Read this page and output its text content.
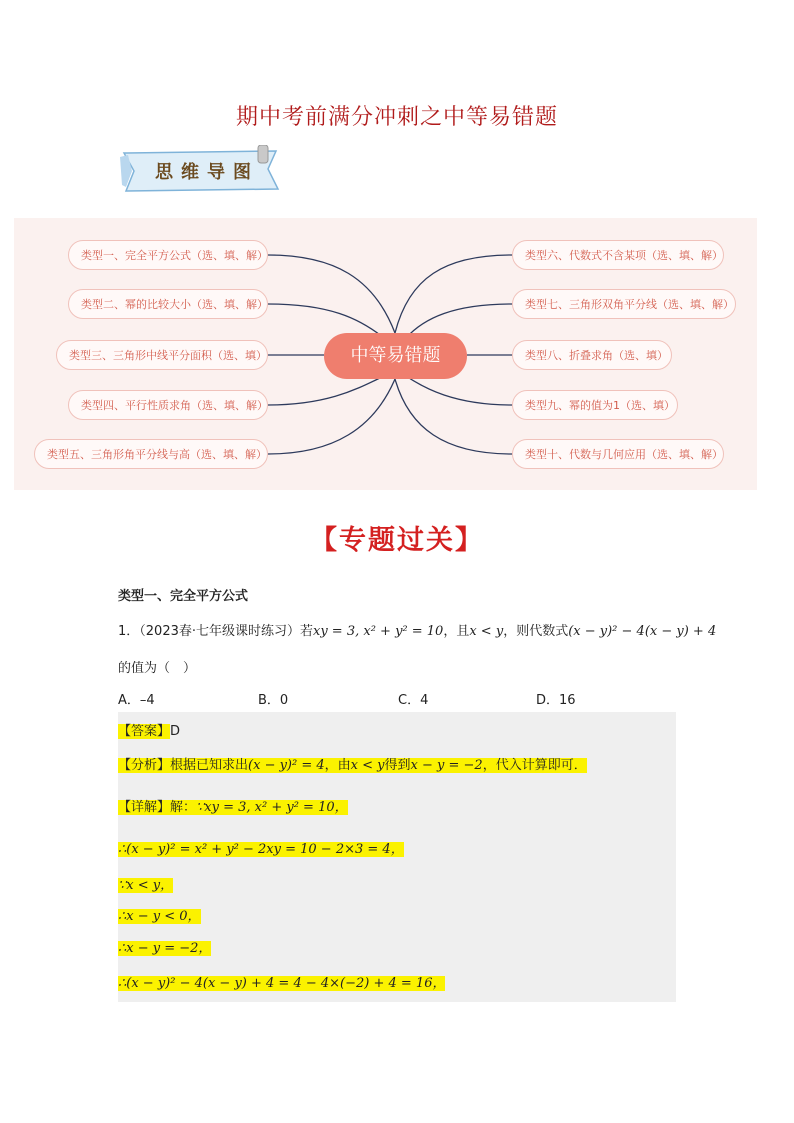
期中考前满分冲刺之中等易错题
思维导图
类型一、完全平方公式（选、填、解）
类型二、幂的比较大小（选、填、解）
类型三、三角形中线平分面积（选、填）
类型四、平行性质求角（选、填、解）
类型五、三角形角平分线与高（选、填、解）
中等易错题
类型六、代数式不含某项（选、填、解）
类型七、三角形双角平分线（选、填、解）
类型八、折叠求角（选、填）
类型九、幂的值为1（选、填）
类型十、代数与几何应用（选、填、解）
【专题过关】
类型一、完全平方公式
1．（2023春·七年级课时练习）若xy = 3, x² + y² = 10，且x < y，则代数式(x − y)² − 4(x − y) + 4
的值为（　）
A．–4	B．0	C．4	D．16
【答案】D
【分析】根据已知求出(x − y)² = 4，由x < y得到x − y = −2，代入计算即可．
【详解】解：∵xy = 3, x² + y² = 10，
∴(x − y)² = x² + y² − 2xy = 10 − 2×3 = 4，
∵x < y，
∴x − y < 0，
∴x − y = −2，
∴(x − y)² − 4(x − y) + 4 = 4 − 4×(−2) + 4 = 16，
